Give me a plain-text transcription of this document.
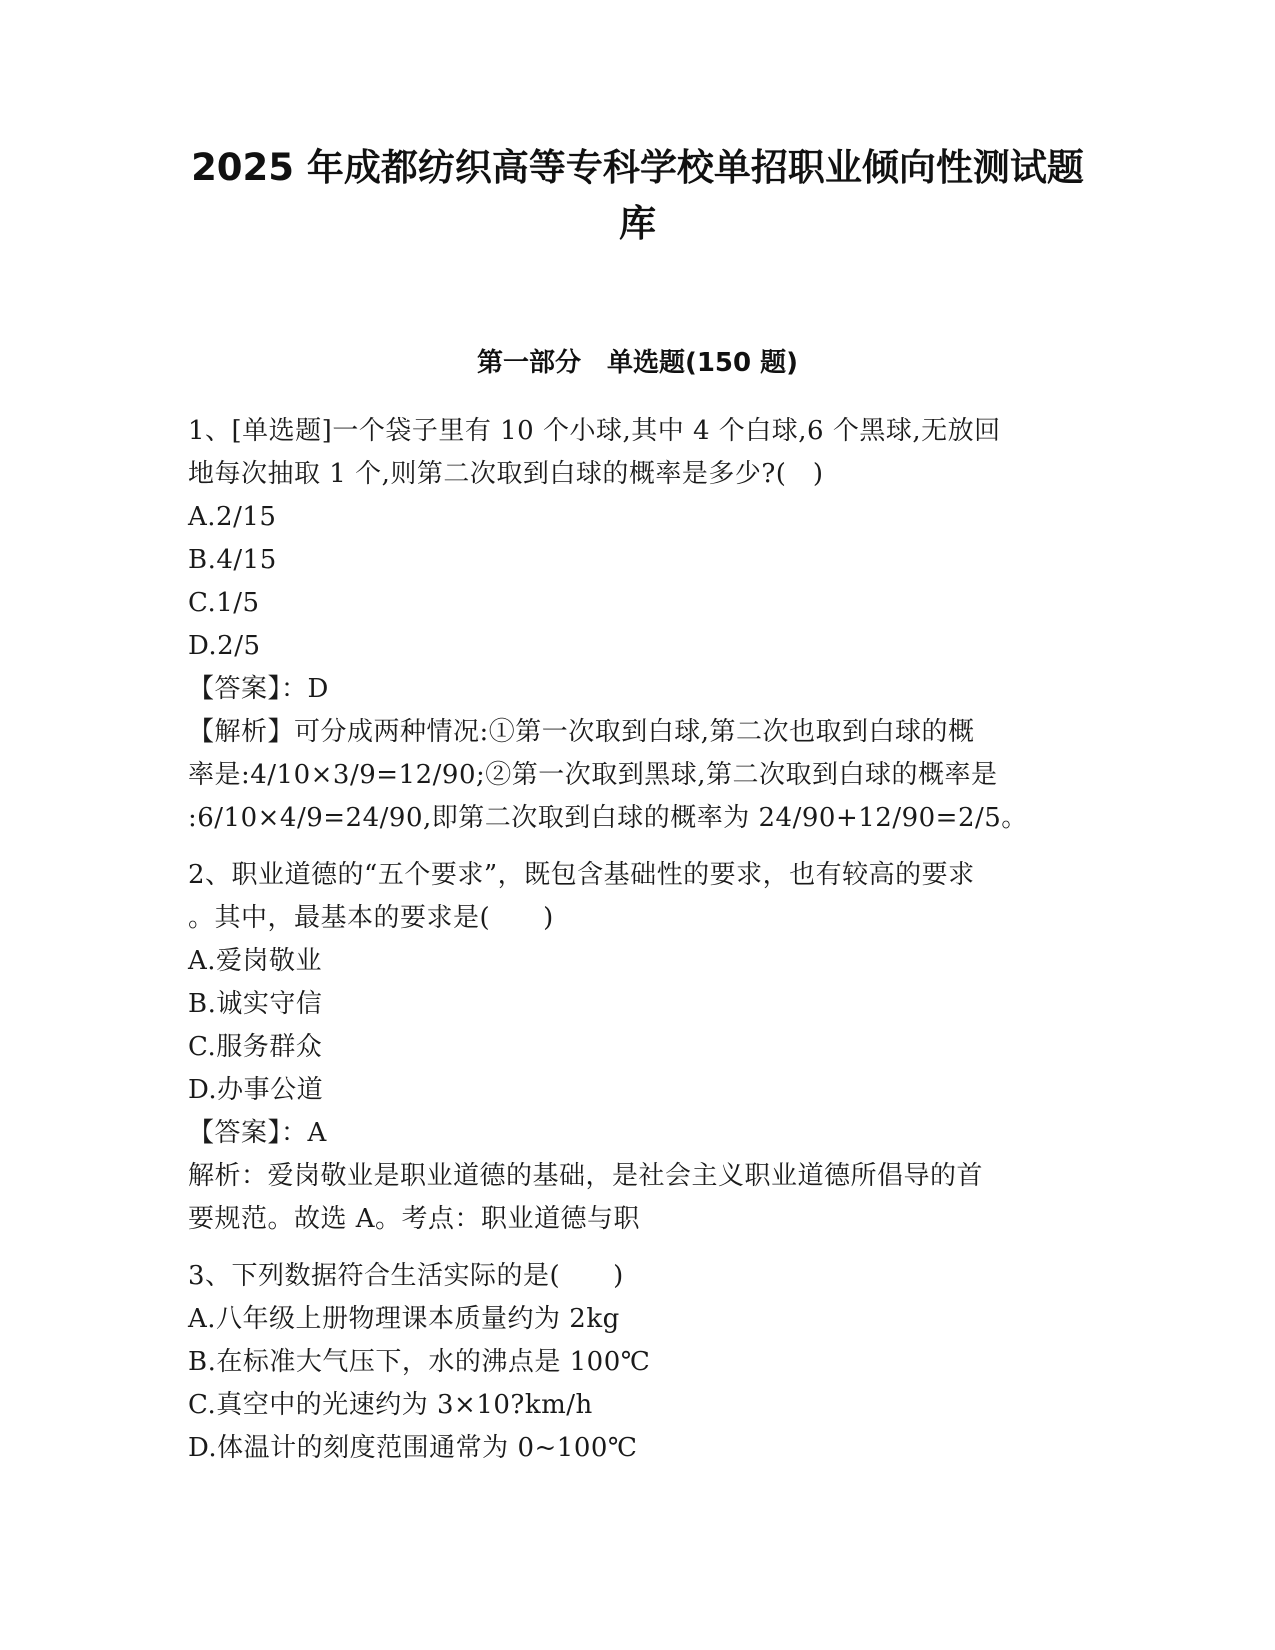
2025 年成都纺织高等专科学校单招职业倾向性测试题
库
第一部分　单选题(150 题)
1、[单选题]一个袋子里有 10 个小球,其中 4 个白球,6 个黑球,无放回
地每次抽取 1 个,则第二次取到白球的概率是多少?(　)
A.2/15
B.4/15
C.1/5
D.2/5
【答案】：D
【解析】可分成两种情况:①第一次取到白球,第二次也取到白球的概
率是:4/10×3/9=12/90;②第一次取到黑球,第二次取到白球的概率是
:6/10×4/9=24/90,即第二次取到白球的概率为 24/90+12/90=2/5。
2、职业道德的“五个要求”，既包含基础性的要求，也有较高的要求
。其中，最基本的要求是(　　)
A.爱岗敬业
B.诚实守信
C.服务群众
D.办事公道
【答案】：A
解析：爱岗敬业是职业道德的基础，是社会主义职业道德所倡导的首
要规范。故选 A。考点：职业道德与职
3、下列数据符合生活实际的是(　　)
A.八年级上册物理课本质量约为 2kg
B.在标准大气压下，水的沸点是 100℃
C.真空中的光速约为 3×10?km/h
D.体温计的刻度范围通常为 0~100℃
